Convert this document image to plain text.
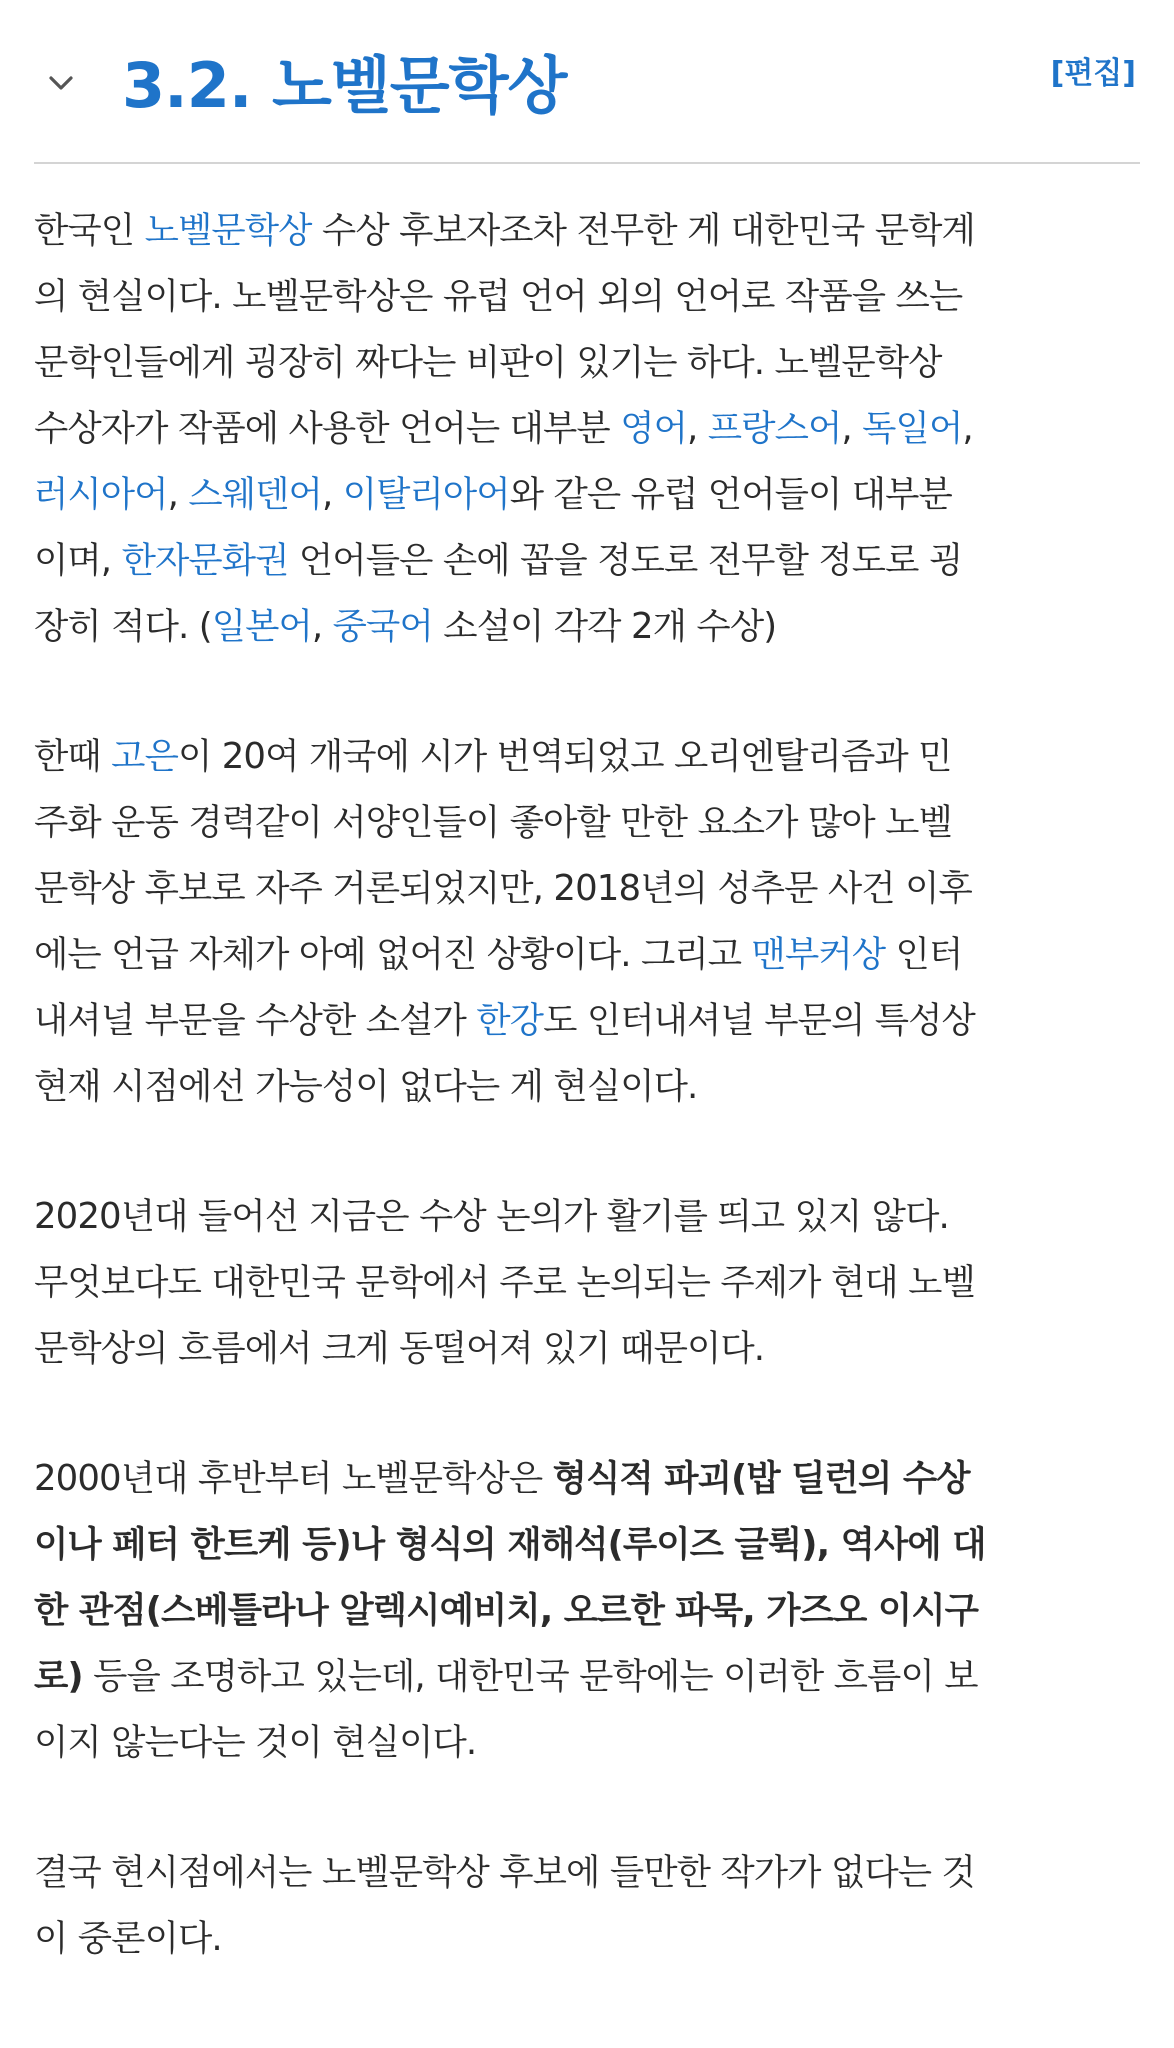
3.2. 노벨문학상	[편집]

한국인 노벨문학상 수상 후보자조차 전무한 게 대한민국 문학계
의 현실이다. 노벨문학상은 유럽 언어 외의 언어로 작품을 쓰는
문학인들에게 굉장히 짜다는 비판이 있기는 하다. 노벨문학상
수상자가 작품에 사용한 언어는 대부분 영어, 프랑스어, 독일어,
러시아어, 스웨덴어, 이탈리아어와 같은 유럽 언어들이 대부분
이며, 한자문화권 언어들은 손에 꼽을 정도로 전무할 정도로 굉
장히 적다. (일본어, 중국어 소설이 각각 2개 수상)

한때 고은이 20여 개국에 시가 번역되었고 오리엔탈리즘과 민
주화 운동 경력같이 서양인들이 좋아할 만한 요소가 많아 노벨
문학상 후보로 자주 거론되었지만, 2018년의 성추문 사건 이후
에는 언급 자체가 아예 없어진 상황이다. 그리고 맨부커상 인터
내셔널 부문을 수상한 소설가 한강도 인터내셔널 부문의 특성상
현재 시점에선 가능성이 없다는 게 현실이다.

2020년대 들어선 지금은 수상 논의가 활기를 띄고 있지 않다.
무엇보다도 대한민국 문학에서 주로 논의되는 주제가 현대 노벨
문학상의 흐름에서 크게 동떨어져 있기 때문이다.

2000년대 후반부터 노벨문학상은 형식적 파괴(밥 딜런의 수상
이나 페터 한트케 등)나 형식의 재해석(루이즈 글뤽), 역사에 대
한 관점(스베틀라나 알렉시예비치, 오르한 파묵, 가즈오 이시구
로) 등을 조명하고 있는데, 대한민국 문학에는 이러한 흐름이 보
이지 않는다는 것이 현실이다.

결국 현시점에서는 노벨문학상 후보에 들만한 작가가 없다는 것
이 중론이다.
